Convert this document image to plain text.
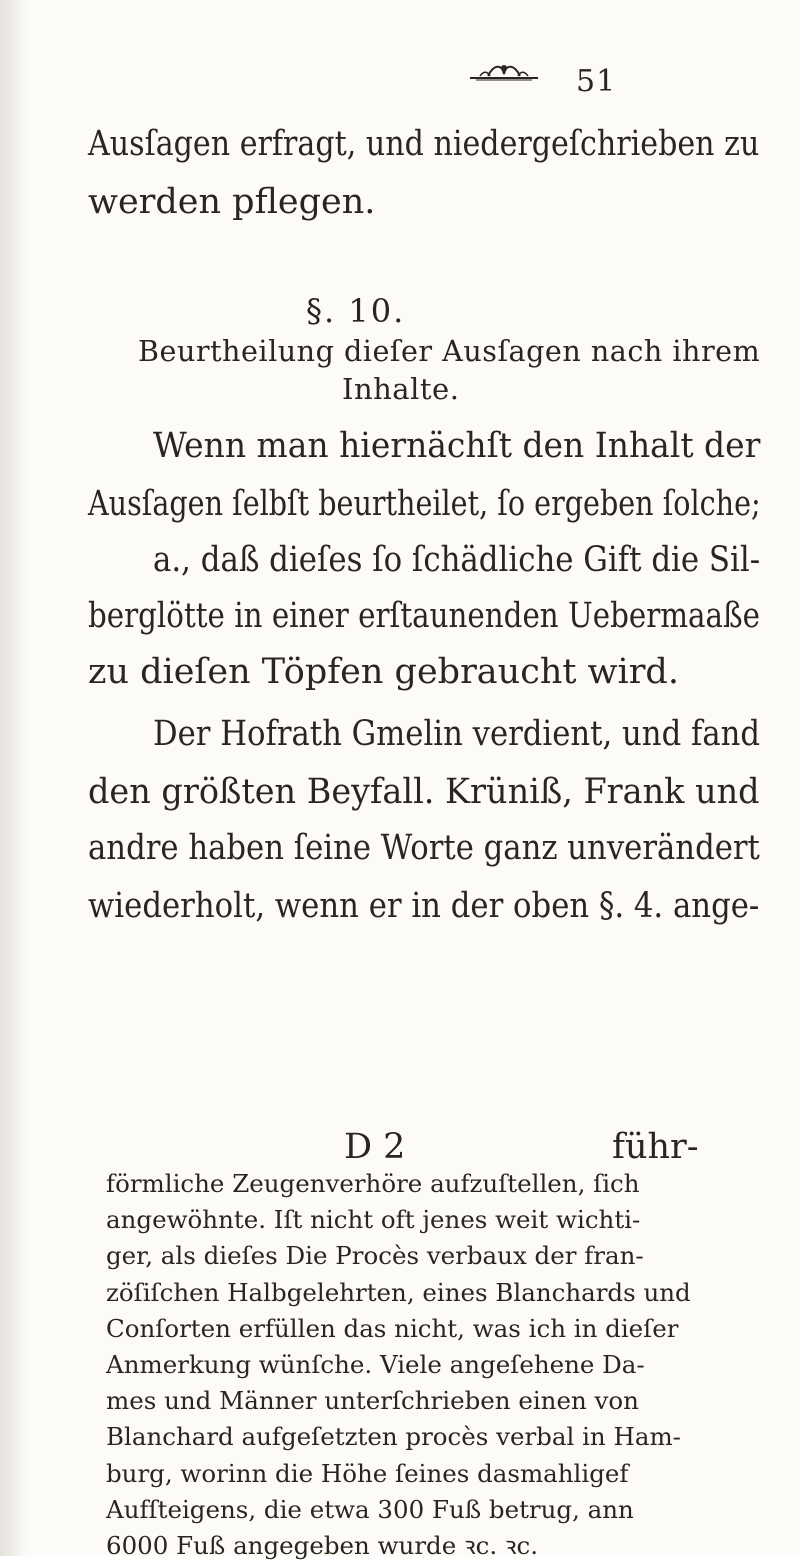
51
Ausſagen erfragt, und niedergeſchrieben zu
werden pflegen.
§. 10.
Beurtheilung dieſer Ausſagen nach ihrem
Inhalte.
Wenn man hiernächſt den Inhalt der
Ausſagen ſelbſt beurtheilet, ſo ergeben ſolche;
a., daß dieſes ſo ſchädliche Gift die Sil-
berglötte in einer erſtaunenden Uebermaaße
zu dieſen Töpfen gebraucht wird.
Der Hofrath Gmelin verdient, und fand
den größten Beyfall. Krüniß, Frank und
andre haben ſeine Worte ganz unverändert
wiederholt, wenn er in der oben §. 4. ange-
D 2	führ-
förmliche Zeugenverhöre aufzuſtellen, ſich
angewöhnte. Iſt nicht oft jenes weit wichti-
ger, als dieſes Die Procès verbaux der fran-
zöſiſchen Halbgelehrten, eines Blanchards und
Conſorten erfüllen das nicht, was ich in dieſer
Anmerkung wünſche. Viele angeſehene Da-
mes und Männer unterſchrieben einen von
Blanchard aufgeſetzten procès verbal in Ham-
burg, worinn die Höhe ſeines dasmahligef
Aufſteigens, die etwa 300 Fuß betrug, ann
6000 Fuß angegeben wurde ꝛc. ꝛc.
